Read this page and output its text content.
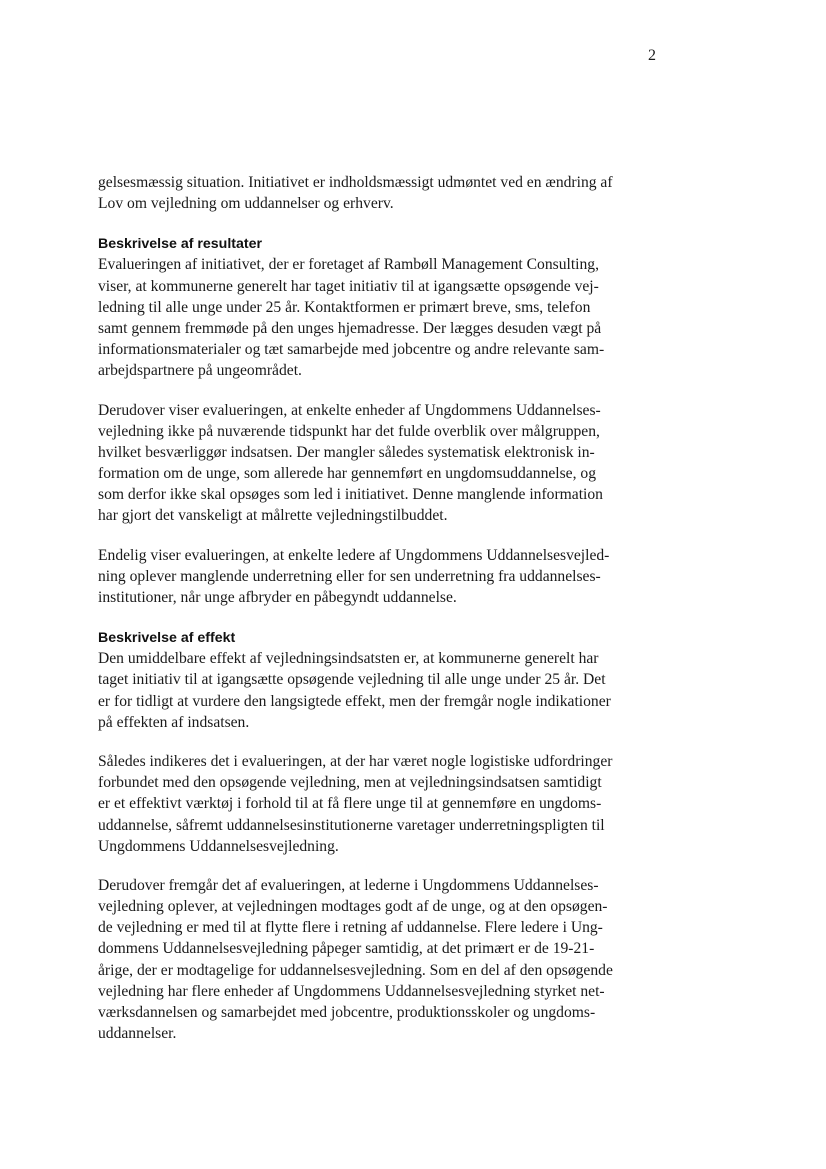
2
gelsesmæssig situation. Initiativet er indholdsmæssigt udmøntet ved en ændring af
Lov om vejledning om uddannelser og erhverv.
Beskrivelse af resultater
Evalueringen af initiativet, der er foretaget af Rambøll Management Consulting,
viser, at kommunerne generelt har taget initiativ til at igangsætte opsøgende vej-
ledning til alle unge under 25 år. Kontaktformen er primært breve, sms, telefon
samt gennem fremmøde på den unges hjemadresse. Der lægges desuden vægt på
informationsmaterialer og tæt samarbejde med jobcentre og andre relevante sam-
arbejdspartnere på ungeområdet.
Derudover viser evalueringen, at enkelte enheder af Ungdommens Uddannelses-
vejledning ikke på nuværende tidspunkt har det fulde overblik over målgruppen,
hvilket besværliggør indsatsen. Der mangler således systematisk elektronisk in-
formation om de unge, som allerede har gennemført en ungdomsuddannelse, og
som derfor ikke skal opsøges som led i initiativet. Denne manglende information
har gjort det vanskeligt at målrette vejledningstilbuddet.
Endelig viser evalueringen, at enkelte ledere af Ungdommens Uddannelsesvejled-
ning oplever manglende underretning eller for sen underretning fra uddannelses-
institutioner, når unge afbryder en påbegyndt uddannelse.
Beskrivelse af effekt
Den umiddelbare effekt af vejledningsindsatsten er, at kommunerne generelt har
taget initiativ til at igangsætte opsøgende vejledning til alle unge under 25 år. Det
er for tidligt at vurdere den langsigtede effekt, men der fremgår nogle indikationer
på effekten af indsatsen.
Således indikeres det i evalueringen, at der har været nogle logistiske udfordringer
forbundet med den opsøgende vejledning, men at vejledningsindsatsen samtidigt
er et effektivt værktøj i forhold til at få flere unge til at gennemføre en ungdoms-
uddannelse, såfremt uddannelsesinstitutionerne varetager underretningspligten til
Ungdommens Uddannelsesvejledning.
Derudover fremgår det af evalueringen, at lederne i Ungdommens Uddannelses-
vejledning oplever, at vejledningen modtages godt af de unge, og at den opsøgen-
de vejledning er med til at flytte flere i retning af uddannelse. Flere ledere i Ung-
dommens Uddannelsesvejledning påpeger samtidig, at det primært er de 19-21-
årige, der er modtagelige for uddannelsesvejledning. Som en del af den opsøgende
vejledning har flere enheder af Ungdommens Uddannelsesvejledning styrket net-
værksdannelsen og samarbejdet med jobcentre, produktionsskoler og ungdoms-
uddannelser.
